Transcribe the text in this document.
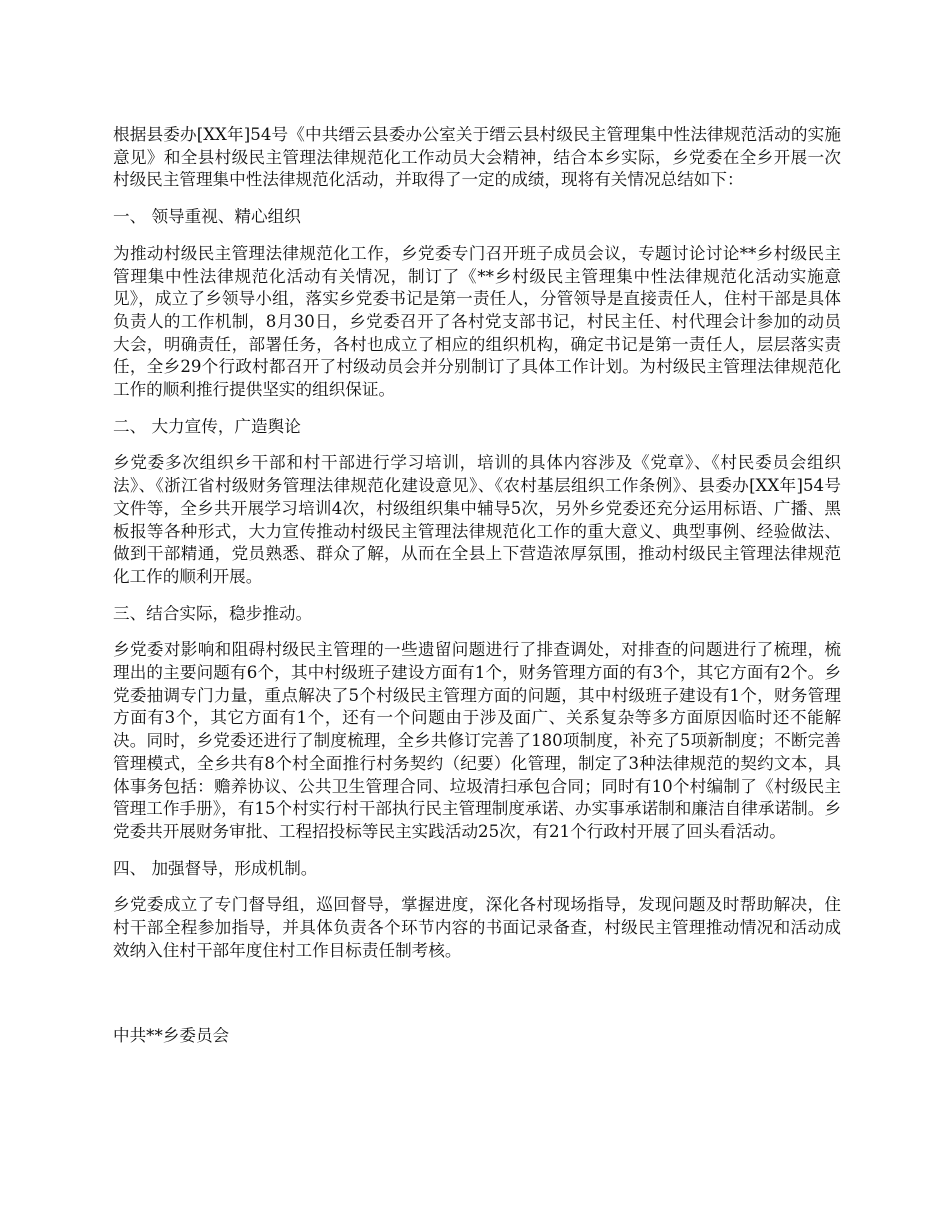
根据县委办[XX年]54号《中共缙云县委办公室关于缙云县村级民主管理集中性法律规范活动的实施意见》和全县村级民主管理法律规范化工作动员大会精神，结合本乡实际，乡党委在全乡开展一次村级民主管理集中性法律规范化活动，并取得了一定的成绩，现将有关情况总结如下：

一、 领导重视、精心组织

为推动村级民主管理法律规范化工作，乡党委专门召开班子成员会议，专题讨论讨论**乡村级民主管理集中性法律规范化活动有关情况，制订了《**乡村级民主管理集中性法律规范化活动实施意见》，成立了乡领导小组，落实乡党委书记是第一责任人，分管领导是直接责任人，住村干部是具体负责人的工作机制，8月30日，乡党委召开了各村党支部书记，村民主任、村代理会计参加的动员大会，明确责任，部署任务，各村也成立了相应的组织机构，确定书记是第一责任人，层层落实责任，全乡29个行政村都召开了村级动员会并分别制订了具体工作计划。为村级民主管理法律规范化工作的顺利推行提供坚实的组织保证。

二、 大力宣传，广造舆论

乡党委多次组织乡干部和村干部进行学习培训，培训的具体内容涉及《党章》、《村民委员会组织法》、《浙江省村级财务管理法律规范化建设意见》、《农村基层组织工作条例》、县委办[XX年]54号文件等，全乡共开展学习培训4次，村级组织集中辅导5次，另外乡党委还充分运用标语、广播、黑板报等各种形式，大力宣传推动村级民主管理法律规范化工作的重大意义、典型事例、经验做法、做到干部精通，党员熟悉、群众了解，从而在全县上下营造浓厚氛围，推动村级民主管理法律规范化工作的顺利开展。

三、结合实际，稳步推动。

乡党委对影响和阻碍村级民主管理的一些遗留问题进行了排查调处，对排查的问题进行了梳理，梳理出的主要问题有6个，其中村级班子建设方面有1个，财务管理方面的有3个，其它方面有2个。乡党委抽调专门力量，重点解决了5个村级民主管理方面的问题，其中村级班子建设有1个，财务管理方面有3个，其它方面有1个，还有一个问题由于涉及面广、关系复杂等多方面原因临时还不能解决。同时，乡党委还进行了制度梳理，全乡共修订完善了180项制度，补充了5项新制度；不断完善管理模式，全乡共有8个村全面推行村务契约（纪要）化管理，制定了3种法律规范的契约文本，具体事务包括：赡养协议、公共卫生管理合同、垃圾清扫承包合同；同时有10个村编制了《村级民主管理工作手册》，有15个村实行村干部执行民主管理制度承诺、办实事承诺制和廉洁自律承诺制。乡党委共开展财务审批、工程招投标等民主实践活动25次，有21个行政村开展了回头看活动。

四、 加强督导，形成机制。

乡党委成立了专门督导组，巡回督导，掌握进度，深化各村现场指导，发现问题及时帮助解决，住村干部全程参加指导，并具体负责各个环节内容的书面记录备查，村级民主管理推动情况和活动成效纳入住村干部年度住村工作目标责任制考核。

中共**乡委员会
